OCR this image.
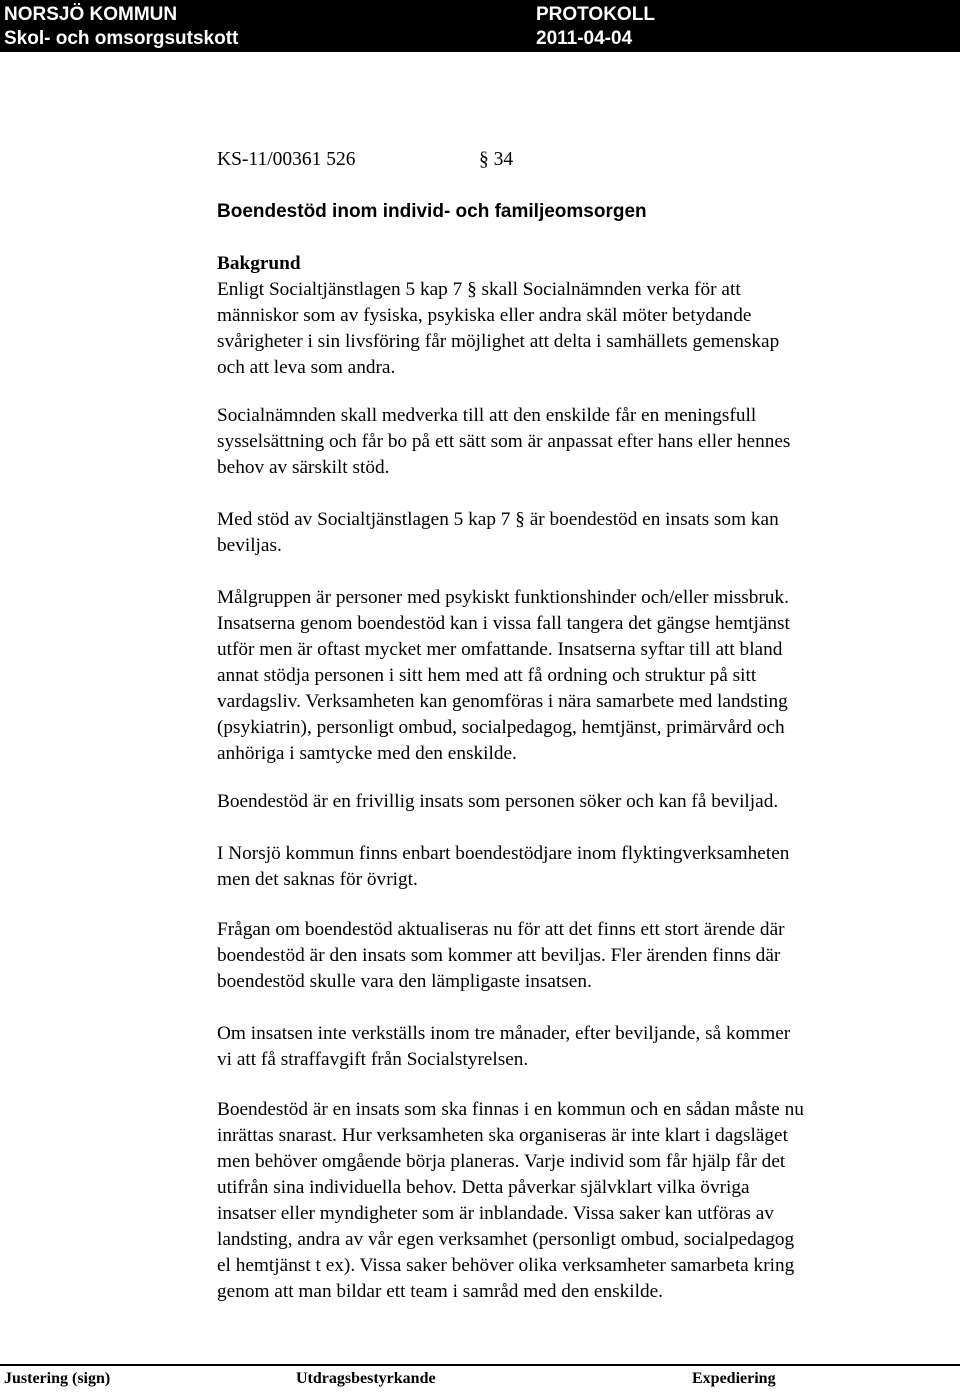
NORSJÖ KOMMUN
Skol- och omsorgsutskott
PROTOKOLL
2011-04-04
KS-11/00361 526	§ 34
Boendestöd inom individ- och familjeomsorgen
Bakgrund
Enligt Socialtjänstlagen 5 kap 7 § skall Socialnämnden verka för att
människor som av fysiska, psykiska eller andra skäl möter betydande
svårigheter i sin livsföring får möjlighet att delta i samhällets gemenskap
och att leva som andra.
Socialnämnden skall medverka till att den enskilde får en meningsfull
sysselsättning och får bo på ett sätt som är anpassat efter hans eller hennes
behov av särskilt stöd.
Med stöd av Socialtjänstlagen 5 kap 7 § är boendestöd en insats som kan
beviljas.
Målgruppen är personer med psykiskt funktionshinder och/eller missbruk.
Insatserna genom boendestöd kan i vissa fall tangera det gängse hemtjänst
utför men är oftast mycket mer omfattande. Insatserna syftar till att bland
annat stödja personen i sitt hem med att få ordning och struktur på sitt
vardagsliv. Verksamheten kan genomföras i nära samarbete med landsting
(psykiatrin), personligt ombud, socialpedagog, hemtjänst, primärvård och
anhöriga i samtycke med den enskilde.
Boendestöd är en frivillig insats som personen söker och kan få beviljad.
I Norsjö kommun finns enbart boendestödjare inom flyktingverksamheten
men det saknas för övrigt.
Frågan om boendestöd aktualiseras nu för att det finns ett stort ärende där
boendestöd är den insats som kommer att beviljas. Fler ärenden finns där
boendestöd skulle vara den lämpligaste insatsen.
Om insatsen inte verkställs inom tre månader, efter beviljande, så kommer
vi att få straffavgift från Socialstyrelsen.
Boendestöd är en insats som ska finnas i en kommun och en sådan måste nu
inrättas snarast. Hur verksamheten ska organiseras är inte klart i dagsläget
men behöver omgående börja planeras. Varje individ som får hjälp får det
utifrån sina individuella behov. Detta påverkar självklart vilka övriga
insatser eller myndigheter som är inblandade. Vissa saker kan utföras av
landsting, andra av vår egen verksamhet (personligt ombud, socialpedagog
el hemtjänst t ex). Vissa saker behöver olika verksamheter samarbeta kring
genom att man bildar ett team i samråd med den enskilde.
Justering (sign)	Utdragsbestyrkande	Expediering
